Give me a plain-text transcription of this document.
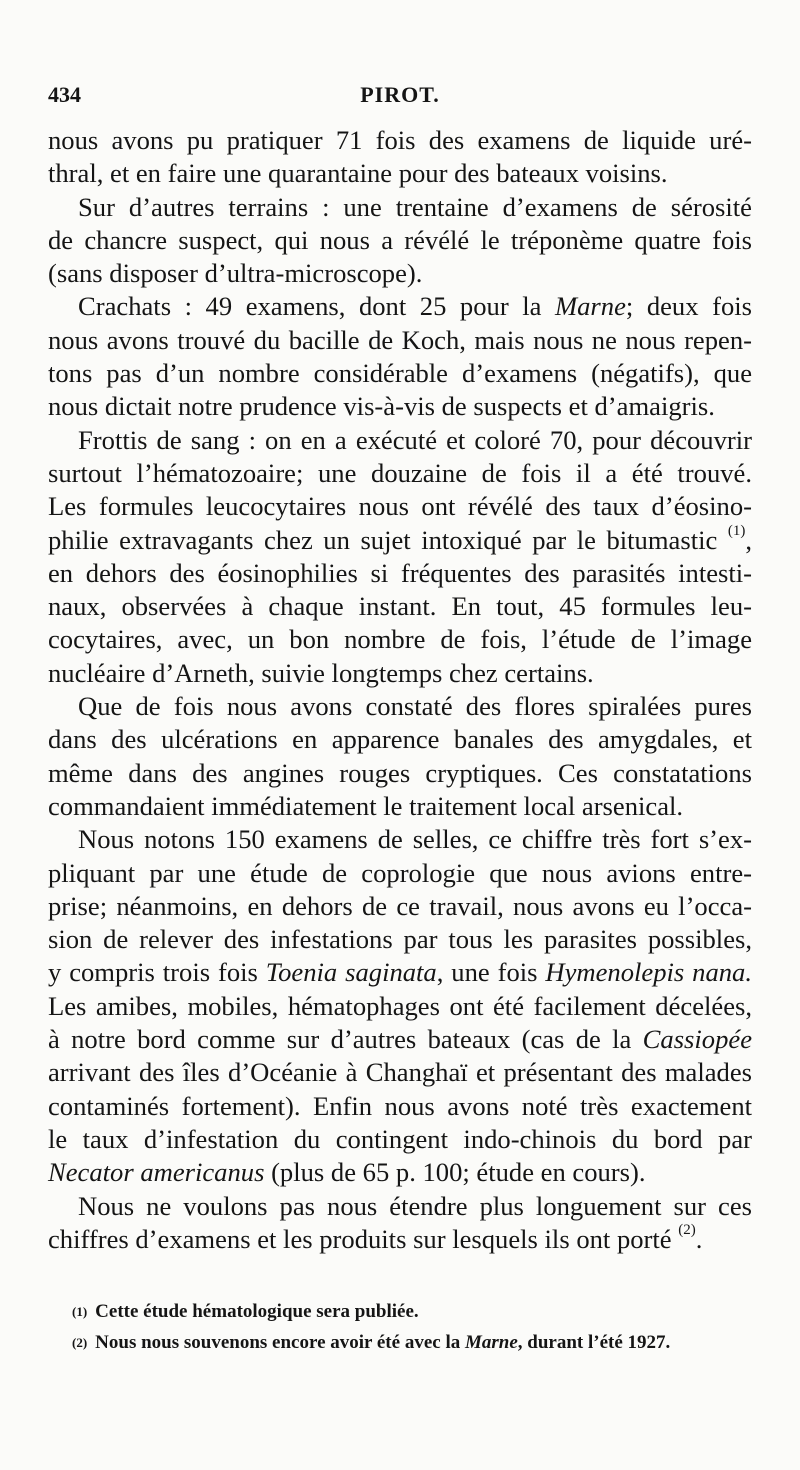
434	PIROT.
nous avons pu pratiquer 71 fois des examens de liquide uré-
thral, et en faire une quarantaine pour des bateaux voisins.
Sur d’autres terrains : une trentaine d’examens de sérosité
de chancre suspect, qui nous a révélé le tréponème quatre fois
(sans disposer d’ultra-microscope).
Crachats : 49 examens, dont 25 pour la Marne; deux fois
nous avons trouvé du bacille de Koch, mais nous ne nous repen-
tons pas d’un nombre considérable d’examens (négatifs), que
nous dictait notre prudence vis-à-vis de suspects et d’amaigris.
Frottis de sang : on en a exécuté et coloré 70, pour découvrir
surtout l’hématozoaire; une douzaine de fois il a été trouvé.
Les formules leucocytaires nous ont révélé des taux d’éosino-
philie extravagants chez un sujet intoxiqué par le bitumastic $^{(1)}$,
en dehors des éosinophilies si fréquentes des parasités intesti-
naux, observées à chaque instant. En tout, 45 formules leu-
cocytaires, avec, un bon nombre de fois, l’étude de l’image
nucléaire d’Arneth, suivie longtemps chez certains.
Que de fois nous avons constaté des flores spiralées pures
dans des ulcérations en apparence banales des amygdales, et
même dans des angines rouges cryptiques. Ces constatations
commandaient immédiatement le traitement local arsenical.
Nous notons 150 examens de selles, ce chiffre très fort s’ex-
pliquant par une étude de coprologie que nous avions entre-
prise; néanmoins, en dehors de ce travail, nous avons eu l’occa-
sion de relever des infestations par tous les parasites possibles,
y compris trois fois Toenia saginata, une fois Hymenolepis nana.
Les amibes, mobiles, hématophages ont été facilement décelées,
à notre bord comme sur d’autres bateaux (cas de la Cassiopée
arrivant des îles d’Océanie à Changhaï et présentant des malades
contaminés fortement). Enfin nous avons noté très exactement
le taux d’infestation du contingent indo-chinois du bord par
Necator americanus (plus de 65 p. 100; étude en cours).
Nous ne voulons pas nous étendre plus longuement sur ces
chiffres d’examens et les produits sur lesquels ils ont porté $^{(2)}$.
$^{(1)}$ Cette étude hématologique sera publiée.
$^{(2)}$ Nous nous souvenons encore avoir été avec la Marne, durant l’été 1927.
